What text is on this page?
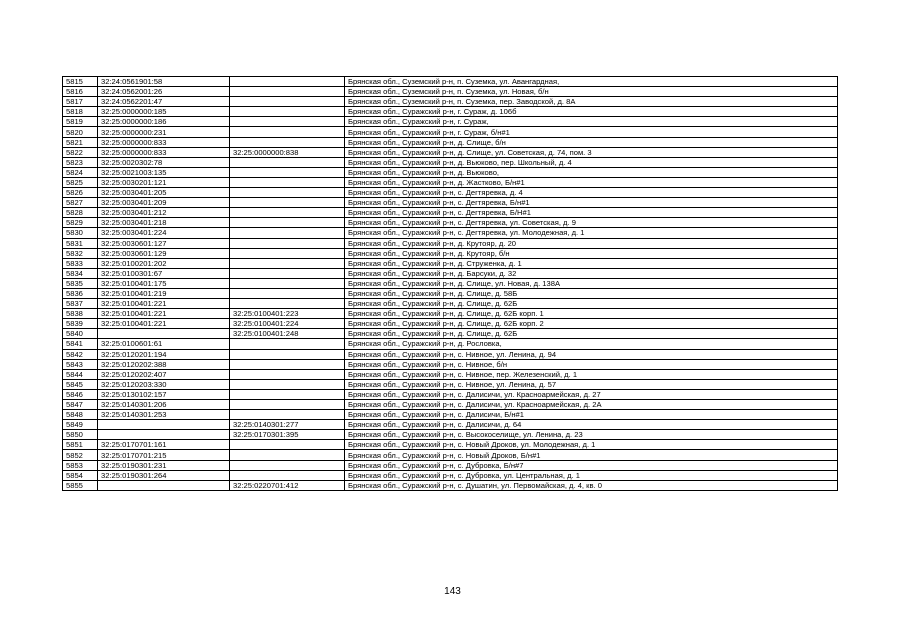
5815	32:24:0561901:58		Брянская обл., Суземский р-н, п. Суземка, ул. Авангардная,
5816	32:24:0562001:26		Брянская обл., Суземский р-н, п. Суземка, ул. Новая, б/н
5817	32:24:0562201:47		Брянская обл., Суземский р-н, п. Суземка, пер. Заводской, д. 8А
5818	32:25:0000000:185		Брянская обл., Суражский р-н, г. Сураж, д. 106б
5819	32:25:0000000:186		Брянская обл., Суражский р-н, г. Сураж,
5820	32:25:0000000:231		Брянская обл., Суражский р-н, г. Сураж, б/н#1
5821	32:25:0000000:833		Брянская обл., Суражский р-н, д. Слище, б/н
5822	32:25:0000000:833	32:25:0000000:838	Брянская обл., Суражский р-н, д. Слище, ул. Советская, д. 74, пом. 3
5823	32:25:0020302:78		Брянская обл., Суражский р-н, д. Вьюково, пер. Школьный, д. 4
5824	32:25:0021003:135		Брянская обл., Суражский р-н, д. Вьюково,
5825	32:25:0030201:121		Брянская обл., Суражский р-н, д. Жастково, Б/н#1
5826	32:25:0030401:205		Брянская обл., Суражский р-н, с. Дегтяревка, д. 4
5827	32:25:0030401:209		Брянская обл., Суражский р-н, с. Дегтяревка, Б/н#1
5828	32:25:0030401:212		Брянская обл., Суражский р-н, с. Дегтяревка, Б/Н#1
5829	32:25:0030401:218		Брянская обл., Суражский р-н, с. Дегтяревка, ул. Советская, д. 9
5830	32:25:0030401:224		Брянская обл., Суражский р-н, с. Дегтяревка, ул. Молодежная, д. 1
5831	32:25:0030601:127		Брянская обл., Суражский р-н, д. Крутояр, д. 20
5832	32:25:0030601:129		Брянская обл., Суражский р-н, д. Крутояр, б/н
5833	32:25:0100201:202		Брянская обл., Суражский р-н, д. Струженка, д. 1
5834	32:25:0100301:67		Брянская обл., Суражский р-н, д. Барсуки, д. 32
5835	32:25:0100401:175		Брянская обл., Суражский р-н, д. Слище, ул. Новая, д. 138А
5836	32:25:0100401:219		Брянская обл., Суражский р-н, д. Слище, д. 58Б
5837	32:25:0100401:221		Брянская обл., Суражский р-н, д. Слище, д. 62Б
5838	32:25:0100401:221	32:25:0100401:223	Брянская обл., Суражский р-н, д. Слище, д. 62Б корп. 1
5839	32:25:0100401:221	32:25:0100401:224	Брянская обл., Суражский р-н, д. Слище, д. 62Б корп. 2
5840		32:25:0100401:248	Брянская обл., Суражский р-н, д. Слище, д. 62Б
5841	32:25:0100601:61		Брянская обл., Суражский р-н, д. Рословка,
5842	32:25:0120201:194		Брянская обл., Суражский р-н, с. Нивное, ул. Ленина, д. 94
5843	32:25:0120202:388		Брянская обл., Суражский р-н, с. Нивное, б/н
5844	32:25:0120202:407		Брянская обл., Суражский р-н, с. Нивное, пер. Железенский, д. 1
5845	32:25:0120203:330		Брянская обл., Суражский р-н, с. Нивное, ул. Ленина, д. 57
5846	32:25:0130102:157		Брянская обл., Суражский р-н, с. Далисичи, ул. Красноармейская, д. 27
5847	32:25:0140301:206		Брянская обл., Суражский р-н, с. Далисичи, ул. Красноармейская, д. 2А
5848	32:25:0140301:253		Брянская обл., Суражский р-н, с. Далисичи, Б/н#1
5849		32:25:0140301:277	Брянская обл., Суражский р-н, с. Далисичи, д. 64
5850		32:25:0170301:395	Брянская обл., Суражский р-н, с. Высокоселище, ул. Ленина, д. 23
5851	32:25:0170701:161		Брянская обл., Суражский р-н, с. Новый Дроков, ул. Молодежная, д. 1
5852	32:25:0170701:215		Брянская обл., Суражский р-н, с. Новый Дроков, Б/н#1
5853	32:25:0190301:231		Брянская обл., Суражский р-н, с. Дубровка, Б/н#7
5854	32:25:0190301:264		Брянская обл., Суражский р-н, с. Дубровка, ул. Центральная, д. 1
5855		32:25:0220701:412	Брянская обл., Суражский р-н, с. Душатин, ул. Первомайская, д. 4, кв. 0
143
